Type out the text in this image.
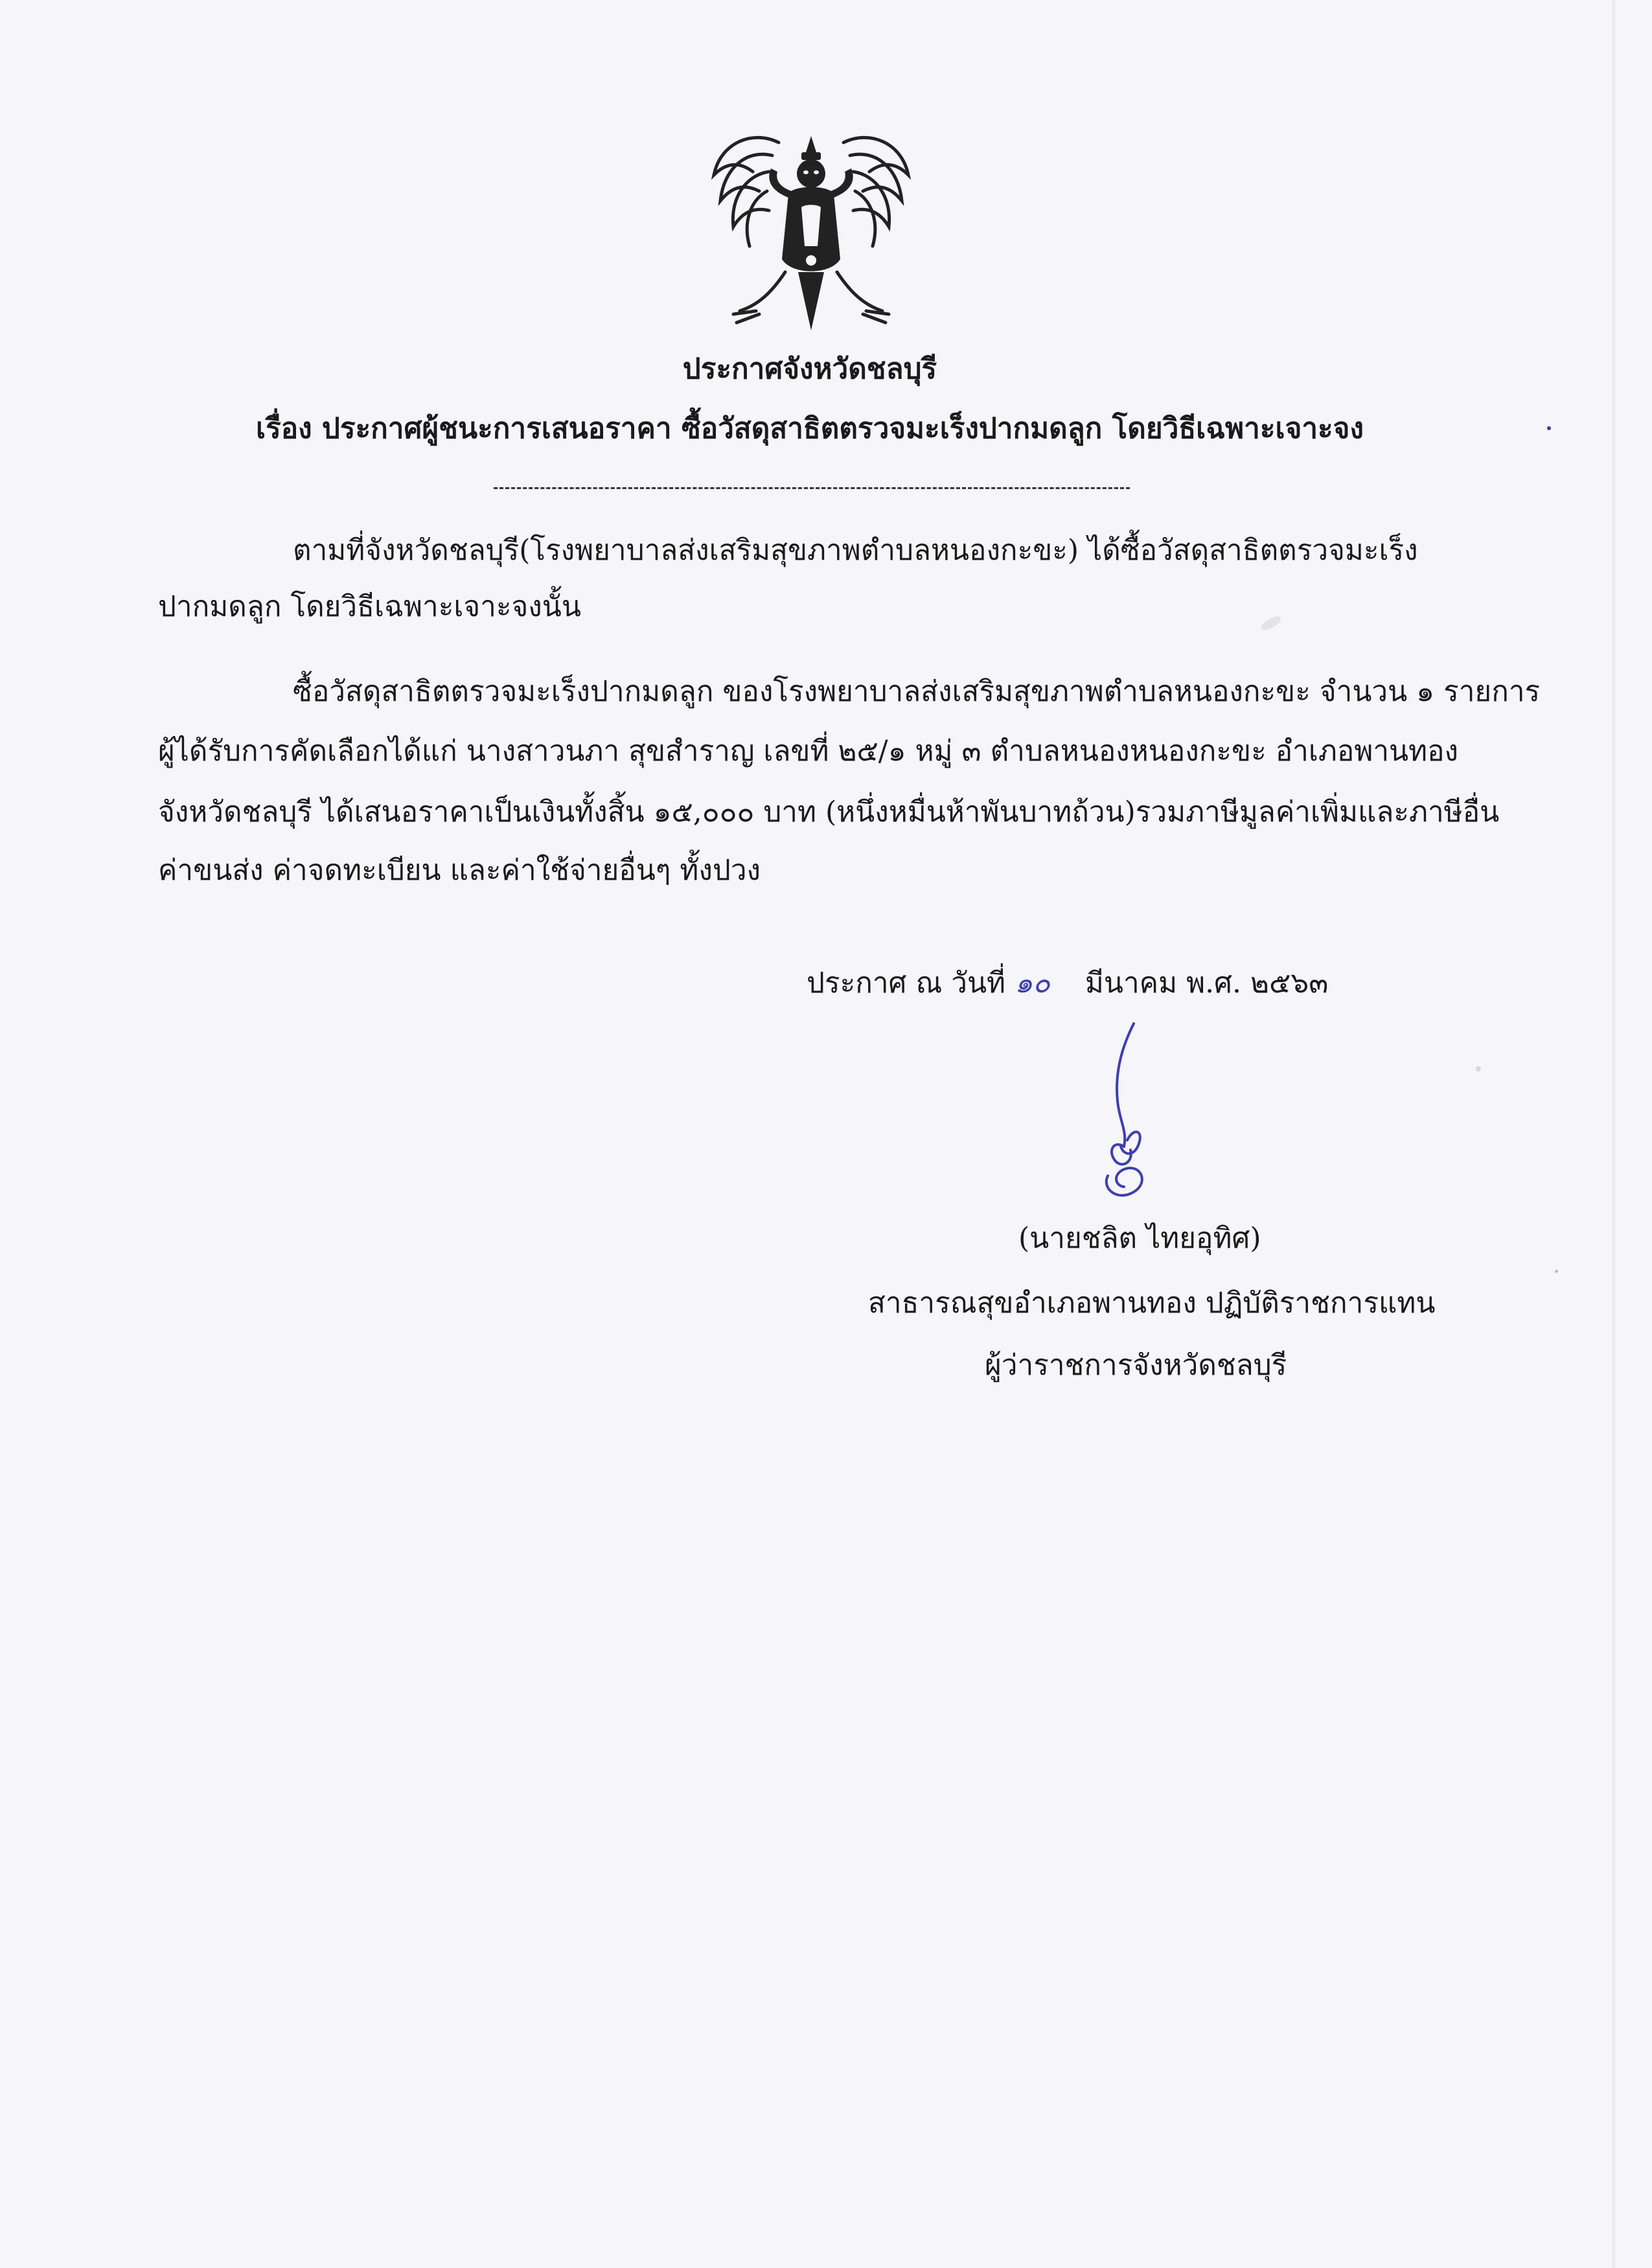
ประกาศจังหวัดชลบุรี
เรื่อง ประกาศผู้ชนะการเสนอราคา ซื้อวัสดุสาธิตตรวจมะเร็งปากมดลูก โดยวิธีเฉพาะเจาะจง
ตามที่จังหวัดชลบุรี(โรงพยาบาลส่งเสริมสุขภาพตำบลหนองกะขะ) ได้ซื้อวัสดุสาธิตตรวจมะเร็ง
ปากมดลูก โดยวิธีเฉพาะเจาะจงนั้น
ซื้อวัสดุสาธิตตรวจมะเร็งปากมดลูก ของโรงพยาบาลส่งเสริมสุขภาพตำบลหนองกะขะ จำนวน ๑ รายการ
ผู้ได้รับการคัดเลือกได้แก่ นางสาวนภา สุขสำราญ เลขที่ ๒๕/๑ หมู่ ๓ ตำบลหนองหนองกะขะ อำเภอพานทอง
จังหวัดชลบุรี ได้เสนอราคาเป็นเงินทั้งสิ้น ๑๕,๐๐๐ บาท (หนึ่งหมื่นห้าพันบาทถ้วน)รวมภาษีมูลค่าเพิ่มและภาษีอื่น
ค่าขนส่ง ค่าจดทะเบียน และค่าใช้จ่ายอื่นๆ ทั้งปวง
ประกาศ ณ วันที่ ๑๐ มีนาคม พ.ศ. ๒๕๖๓
(นายชลิต ไทยอุทิศ)
สาธารณสุขอำเภอพานทอง ปฏิบัติราชการแทน
ผู้ว่าราชการจังหวัดชลบุรี
